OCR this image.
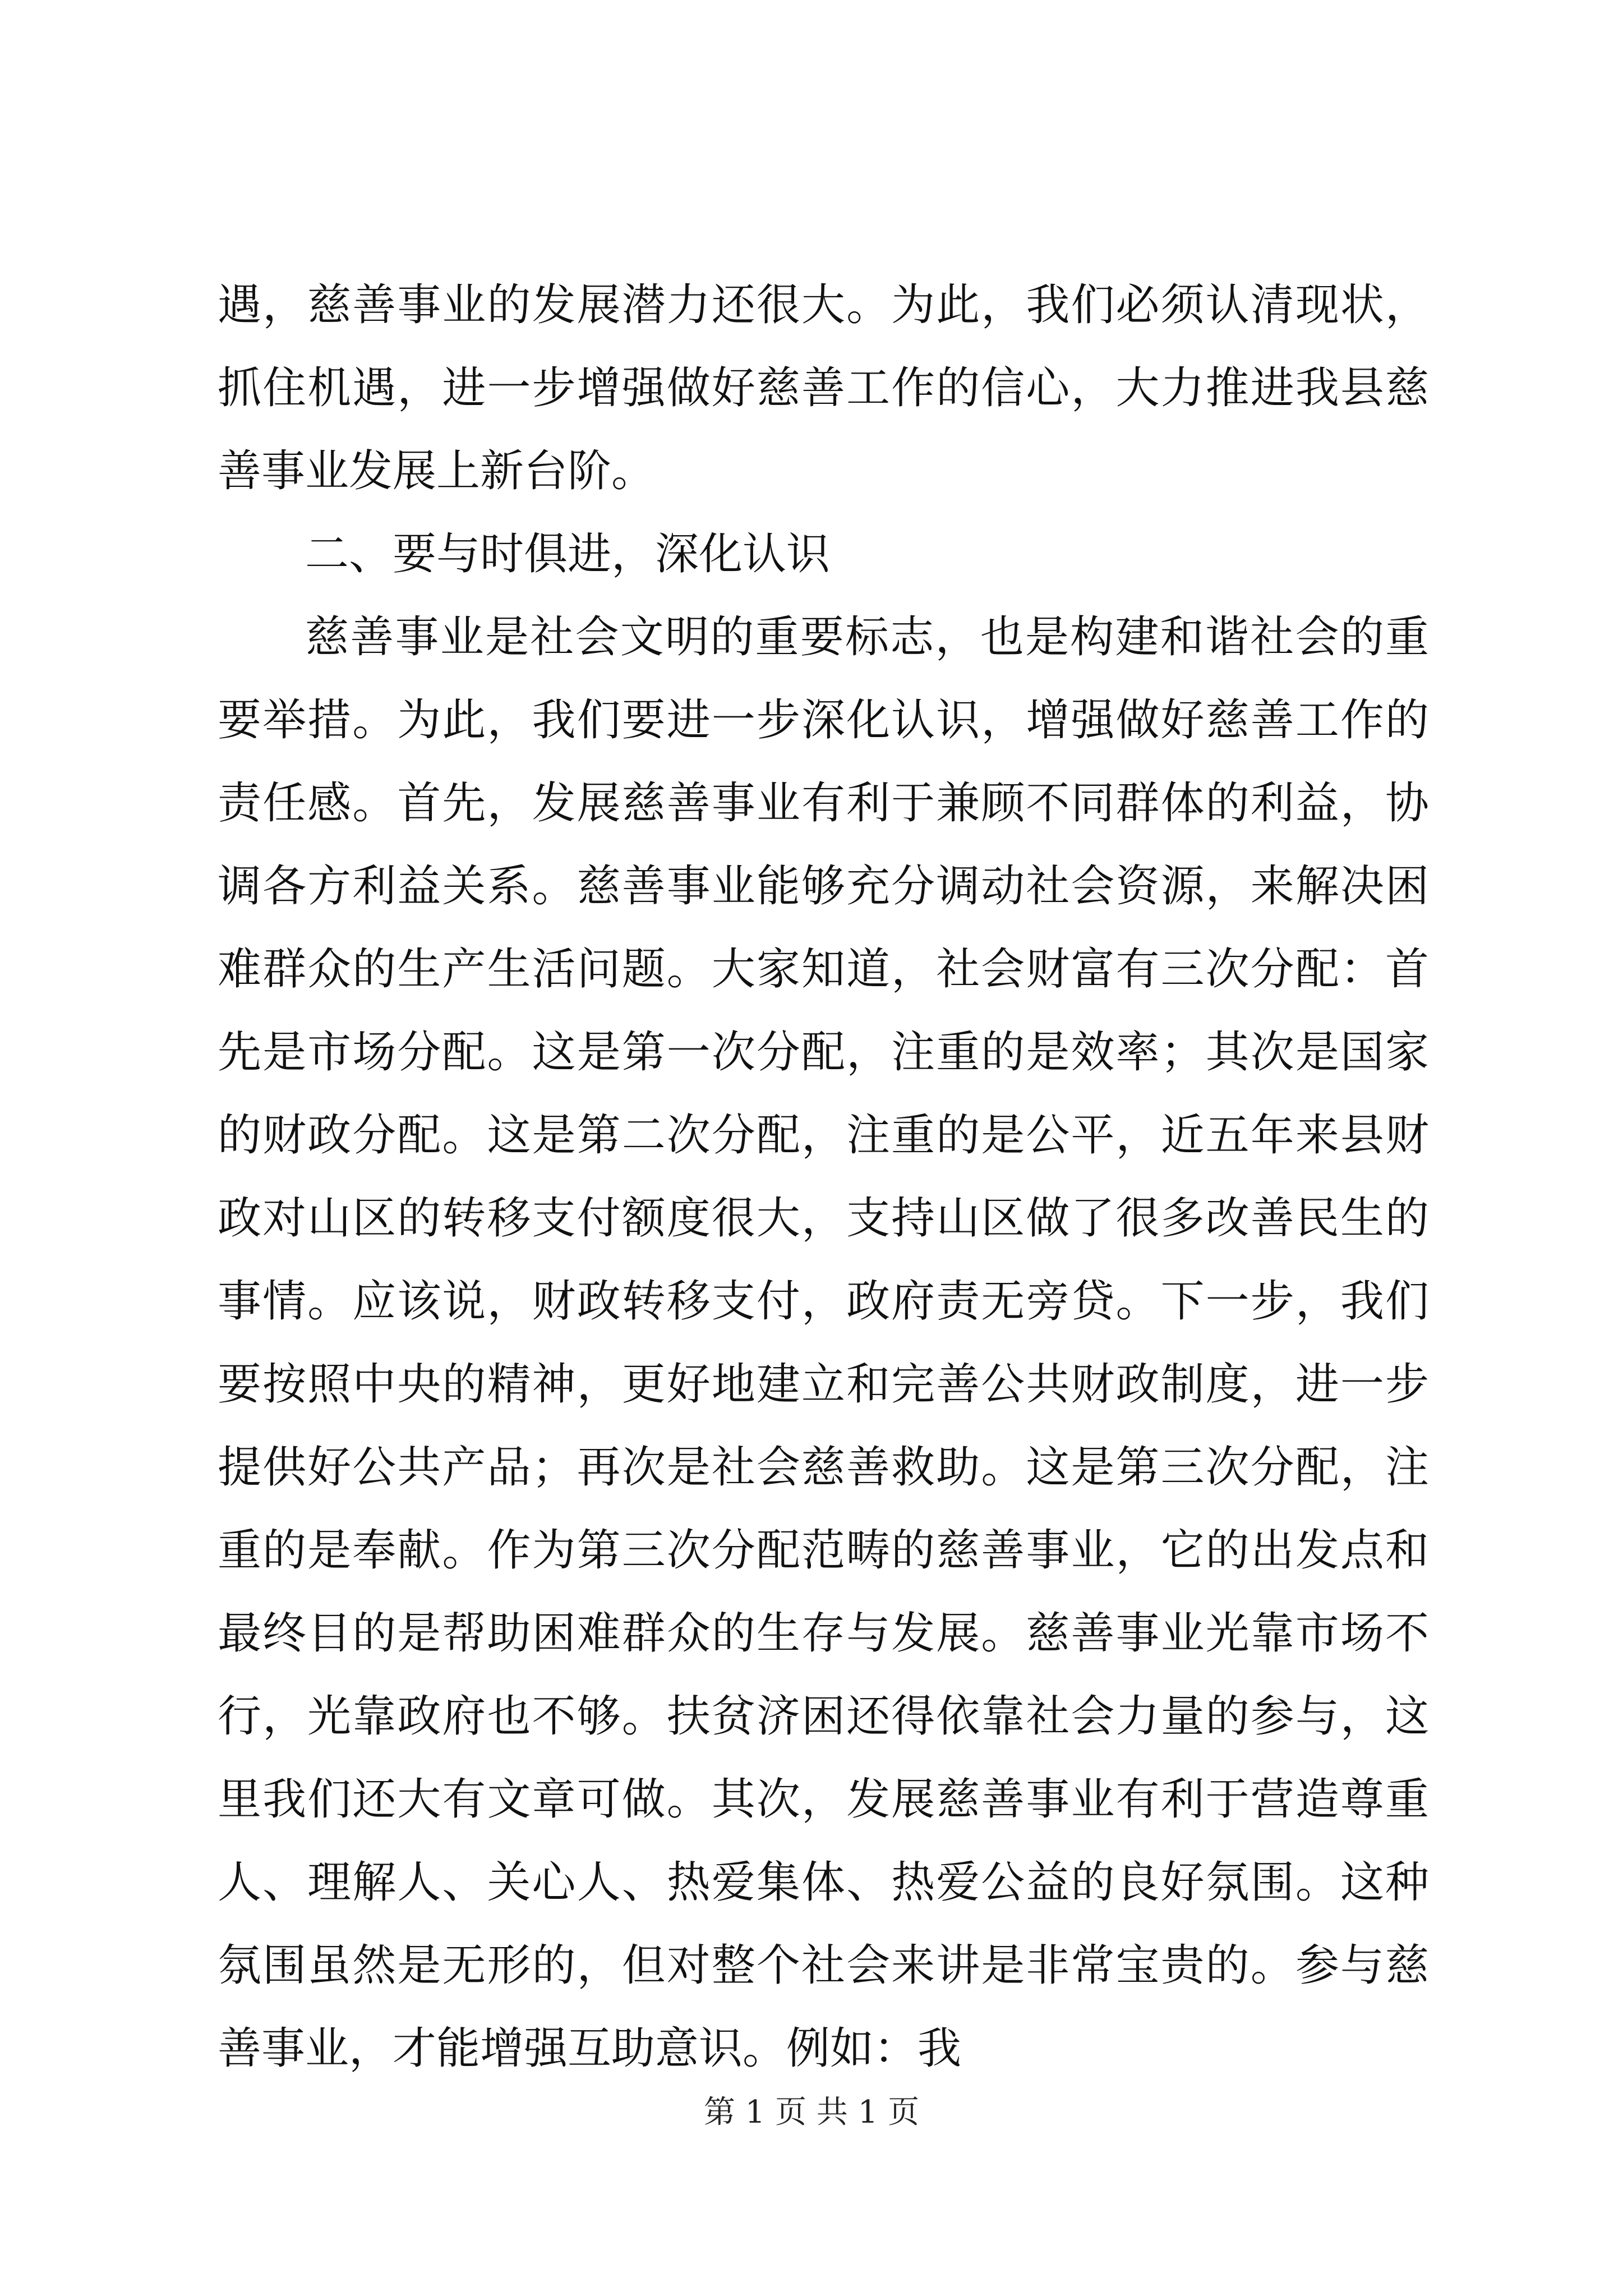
遇，慈善事业的发展潜力还很大。为此，我们必须认清现状，抓住机遇，进一步增强做好慈善工作的信心，大力推进我县慈善事业发展上新台阶。

二、要与时俱进，深化认识

慈善事业是社会文明的重要标志，也是构建和谐社会的重要举措。为此，我们要进一步深化认识，增强做好慈善工作的责任感。首先，发展慈善事业有利于兼顾不同群体的利益，协调各方利益关系。慈善事业能够充分调动社会资源，来解决困难群众的生产生活问题。大家知道，社会财富有三次分配：首先是市场分配。这是第一次分配，注重的是效率；其次是国家的财政分配。这是第二次分配，注重的是公平，近五年来县财政对山区的转移支付额度很大，支持山区做了很多改善民生的事情。应该说，财政转移支付，政府责无旁贷。下一步，我们要按照中央的精神，更好地建立和完善公共财政制度，进一步提供好公共产品；再次是社会慈善救助。这是第三次分配，注重的是奉献。作为第三次分配范畴的慈善事业，它的出发点和最终目的是帮助困难群众的生存与发展。慈善事业光靠市场不行，光靠政府也不够。扶贫济困还得依靠社会力量的参与，这里我们还大有文章可做。其次，发展慈善事业有利于营造尊重人、理解人、关心人、热爱集体、热爱公益的良好氛围。这种氛围虽然是无形的，但对整个社会来讲是非常宝贵的。参与慈善事业，才能增强互助意识。例如：我

第 1 页 共 1 页
